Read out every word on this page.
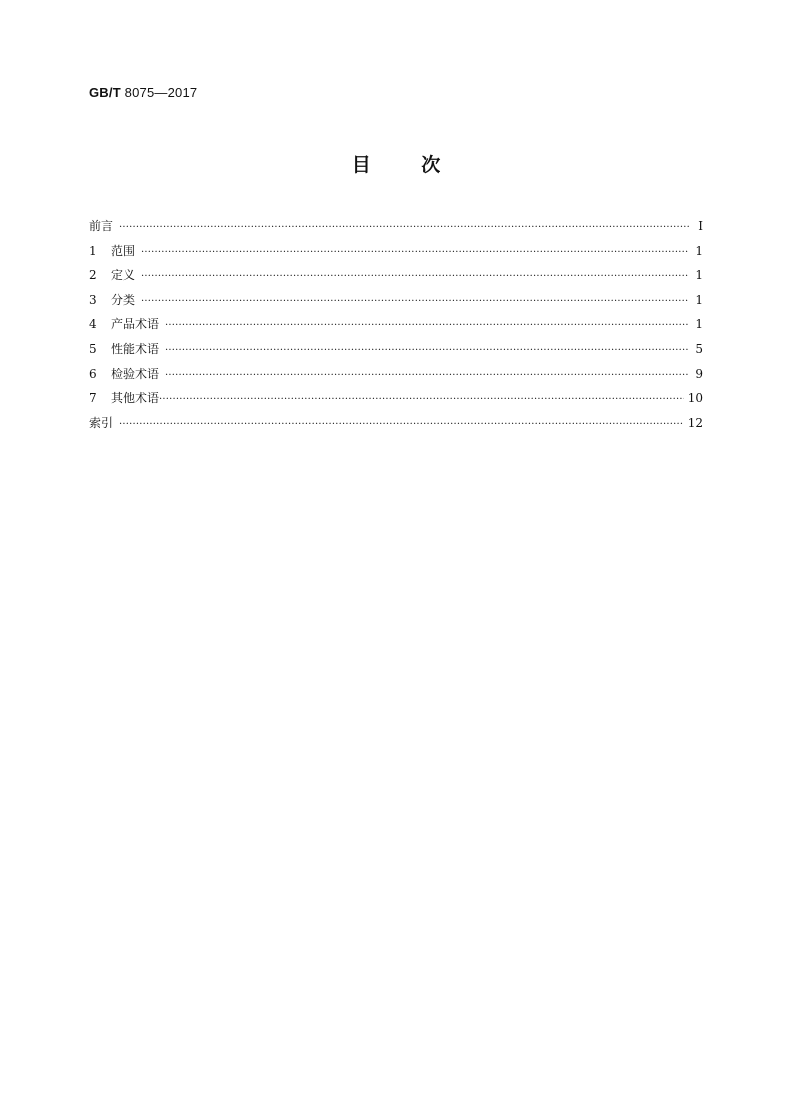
GB/T 8075—2017
目 次
前言 ·····	Ⅰ
1	范围 ·····	1
2	定义 ·····	1
3	分类 ·····	1
4	产品术语 ·····	1
5	性能术语 ·····	5
6	检验术语 ·····	9
7	其他术语 ·····	10
索引 ·····	12
